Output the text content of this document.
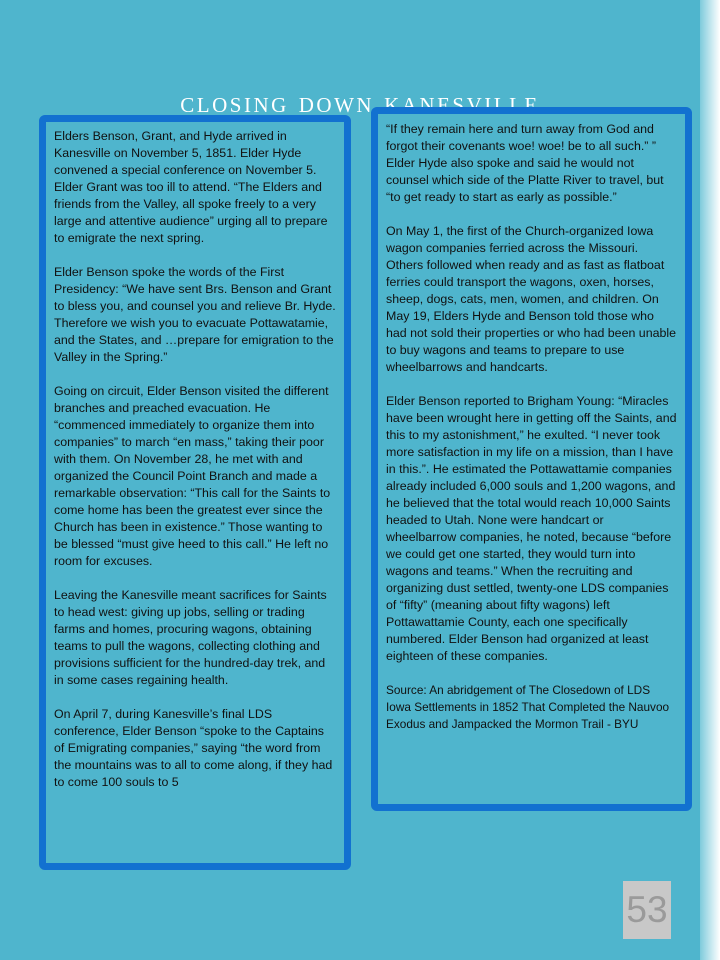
closing down kanesville

Elders Benson, Grant, and Hyde arrived in Kanesville on November 5, 1851. Elder Hyde convened a special conference on November 5. Elder Grant was too ill to attend. “The Elders and friends from the Valley, all spoke freely to a very large and attentive audience” urging all to prepare to emigrate the next spring.

Elder Benson spoke the words of the First Presidency: “We have sent Brs. Benson and Grant to bless you, and counsel you and relieve Br. Hyde. Therefore we wish you to evacuate Pottawatamie, and the States, and …prepare for emigration to the Valley in the Spring.”

Going on circuit, Elder Benson visited the different branches and preached evacuation. He “commenced immediately to organize them into companies” to march “en mass,” taking their poor with them. On November 28, he met with and organized the Council Point Branch and made a remarkable observation: “This call for the Saints to come home has been the greatest ever since the Church has been in existence.” Those wanting to be blessed “must give heed to this call.” He left no room for excuses.

Leaving the Kanesville meant sacrifices for Saints to head west: giving up jobs, selling or trading farms and homes, procuring wagons, obtaining teams to pull the wagons, collecting clothing and provisions sufficient for the hundred-day trek, and in some cases regaining health.

On April 7, during Kanesville’s final LDS conference, Elder Benson “spoke to the Captains of Emigrating companies,” saying “the word from the mountains was to all to come along, if they had to come 100 souls to 5

“If they remain here and turn away from God and forgot their covenants woe! woe! be to all such.” ” Elder Hyde also spoke and said he would not counsel which side of the Platte River to travel, but “to get ready to start as early as possible.”

On May 1, the first of the Church-organized Iowa wagon companies ferried across the Missouri. Others followed when ready and as fast as flatboat ferries could transport the wagons, oxen, horses, sheep, dogs, cats, men, women, and children. On May 19, Elders Hyde and Benson told those who had not sold their properties or who had been unable to buy wagons and teams to prepare to use wheelbarrows and handcarts.

Elder Benson reported to Brigham Young: “Miracles have been wrought here in getting off the Saints, and this to my astonishment,” he exulted. “I never took more satisfaction in my life on a mission, than I have in this.”. He estimated the Pottawattamie companies already included 6,000 souls and 1,200 wagons, and he believed that the total would reach 10,000 Saints headed to Utah. None were handcart or wheelbarrow companies, he noted, because “before we could get one started, they would turn into wagons and teams.” When the recruiting and organizing dust settled, twenty-one LDS companies of “fifty” (meaning about fifty wagons) left Pottawattamie County, each one specifically numbered. Elder Benson had organized at least eighteen of these companies.

Source: An abridgement of The Closedown of LDS Iowa Settlements in 1852 That Completed the Nauvoo Exodus and Jampacked the Mormon Trail - BYU

53
